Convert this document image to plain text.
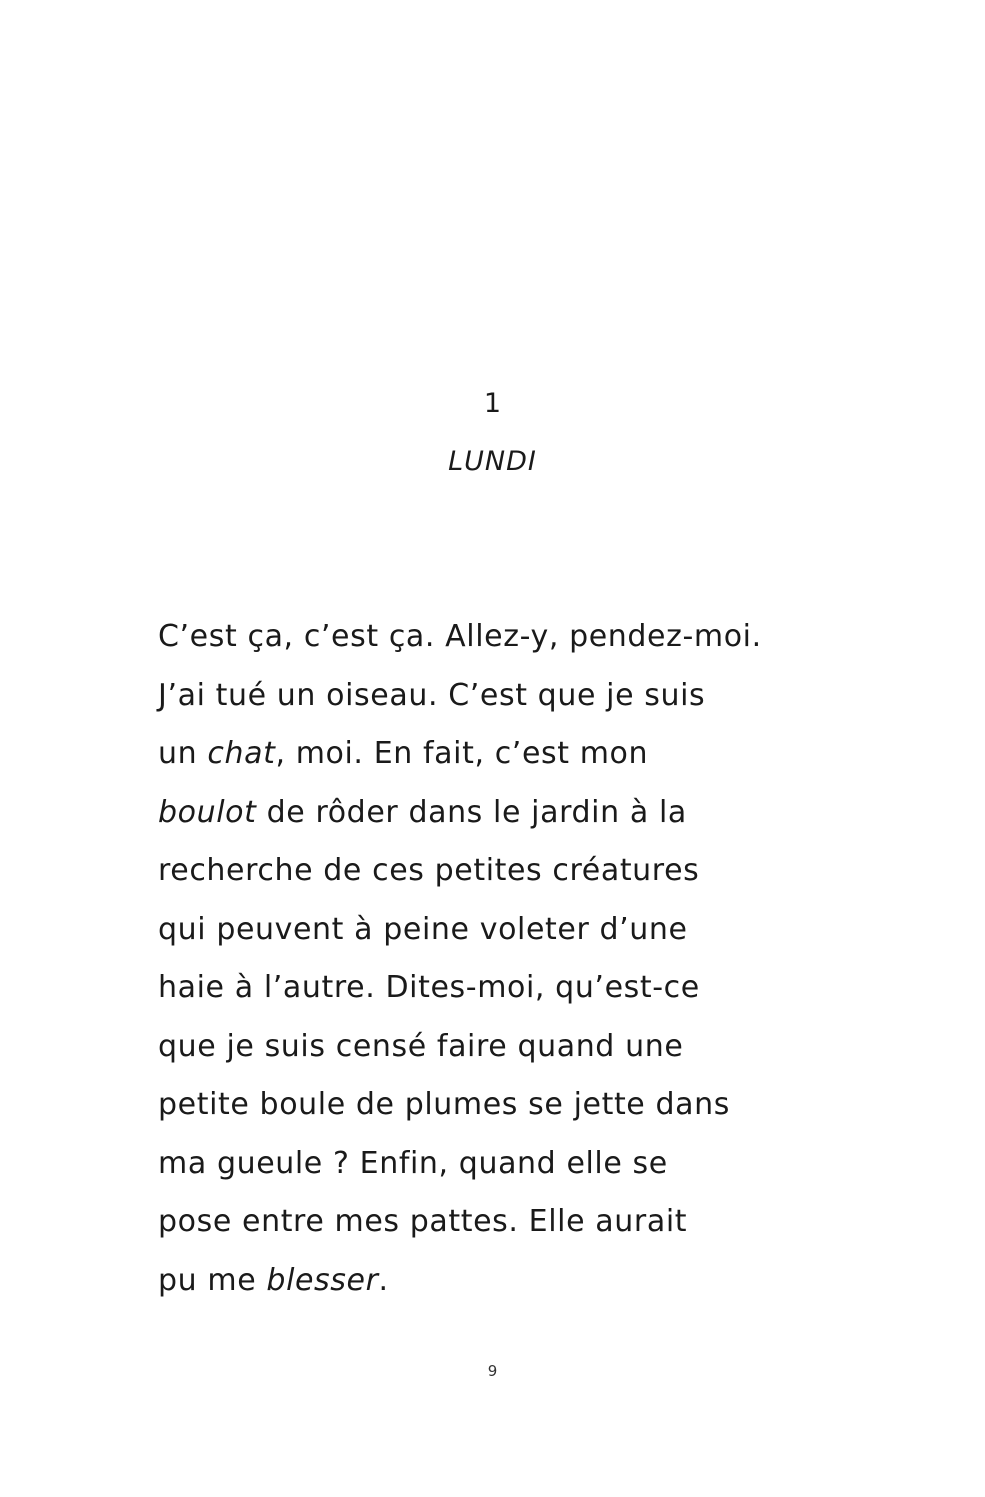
1
LUNDI
C’est ça, c’est ça. Allez-y, pendez-moi.
J’ai tué un oiseau. C’est que je suis
un chat, moi. En fait, c’est mon
boulot de rôder dans le jardin à la
recherche de ces petites créatures
qui peuvent à peine voleter d’une
haie à l’autre. Dites-moi, qu’est-ce
que je suis censé faire quand une
petite boule de plumes se jette dans
ma gueule ? Enfin, quand elle se
pose entre mes pattes. Elle aurait
pu me blesser.
9
